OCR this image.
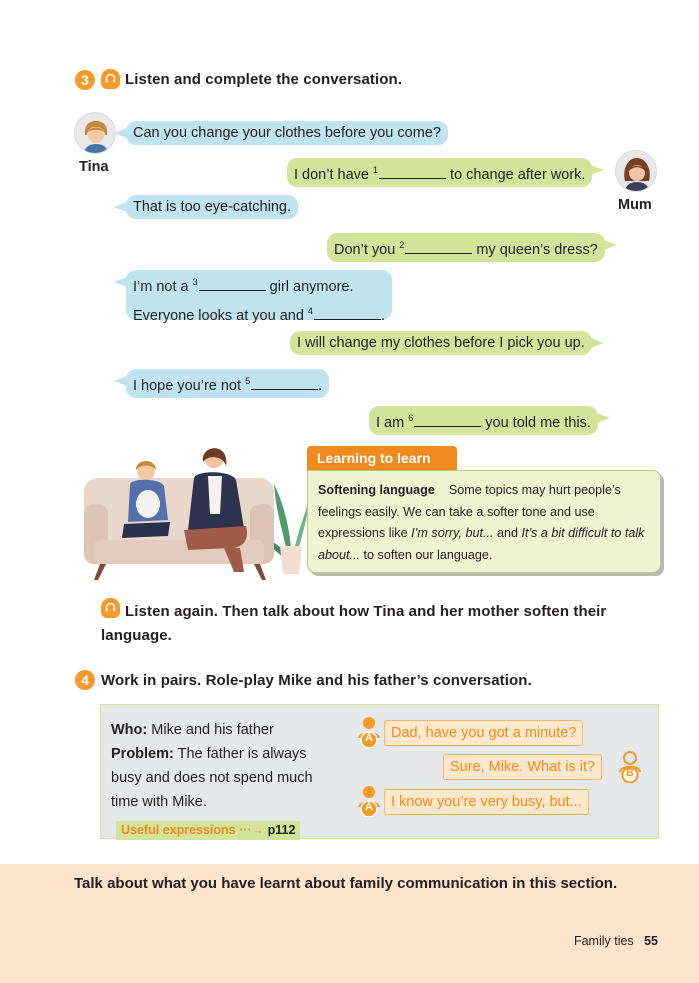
3 Listen and complete the conversation.
Tina
Mum
Can you change your clothes before you come?
I don’t have $^1$	to change after work.
That is too eye-catching.
Don’t you $^2$	my queen’s dress?
I’m not a $^3$	girl anymore.
Everyone looks at you and $^4$	.
I will change my clothes before I pick you up.
I hope you’re not $^5$	.
I am $^6$	you told me this.
Learning to learn
Softening language Some topics may hurt people’s feelings easily. We can take a softer tone and use expressions like I’m sorry, but... and It’s a bit difficult to talk about... to soften our language.
Listen again. Then talk about how Tina and her mother soften their language.
4 Work in pairs. Role-play Mike and his father’s conversation.
Who: Mike and his father
Problem: The father is always busy and does not spend much time with Mike.
Useful expressions ···→ p112
A
B
A
Dad, have you got a minute?
Sure, Mike. What is it?
I know you’re very busy, but...
Talk about what you have learnt about family communication in this section.
Family ties 55
